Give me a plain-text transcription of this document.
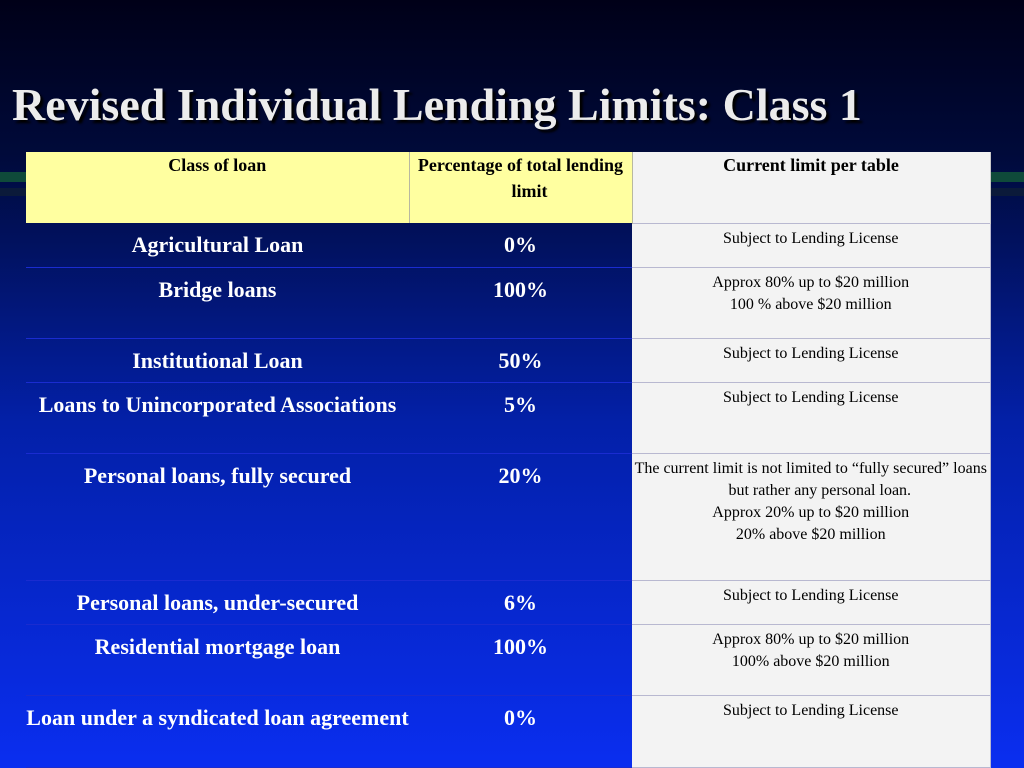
Revised Individual Lending Limits: Class 1
Class of loan	Percentage of total lending limit	Current limit per table
Agricultural Loan	0%	Subject to Lending License

Bridge loans	100%	Approx 80% up to $20 million
100 % above $20 million

Institutional Loan	50%	Subject to Lending License

Loans to Unincorporated Associations	5%	Subject to Lending License

Personal loans, fully secured	20%	The current limit is not limited to “fully secured” loans but rather any personal loan.
Approx 20% up to $20 million
20% above $20 million

Personal loans, under-secured	6%	Subject to Lending License

Residential mortgage loan	100%	Approx 80% up to $20 million
100% above $20 million

Loan under a syndicated loan agreement	0%	Subject to Lending License
